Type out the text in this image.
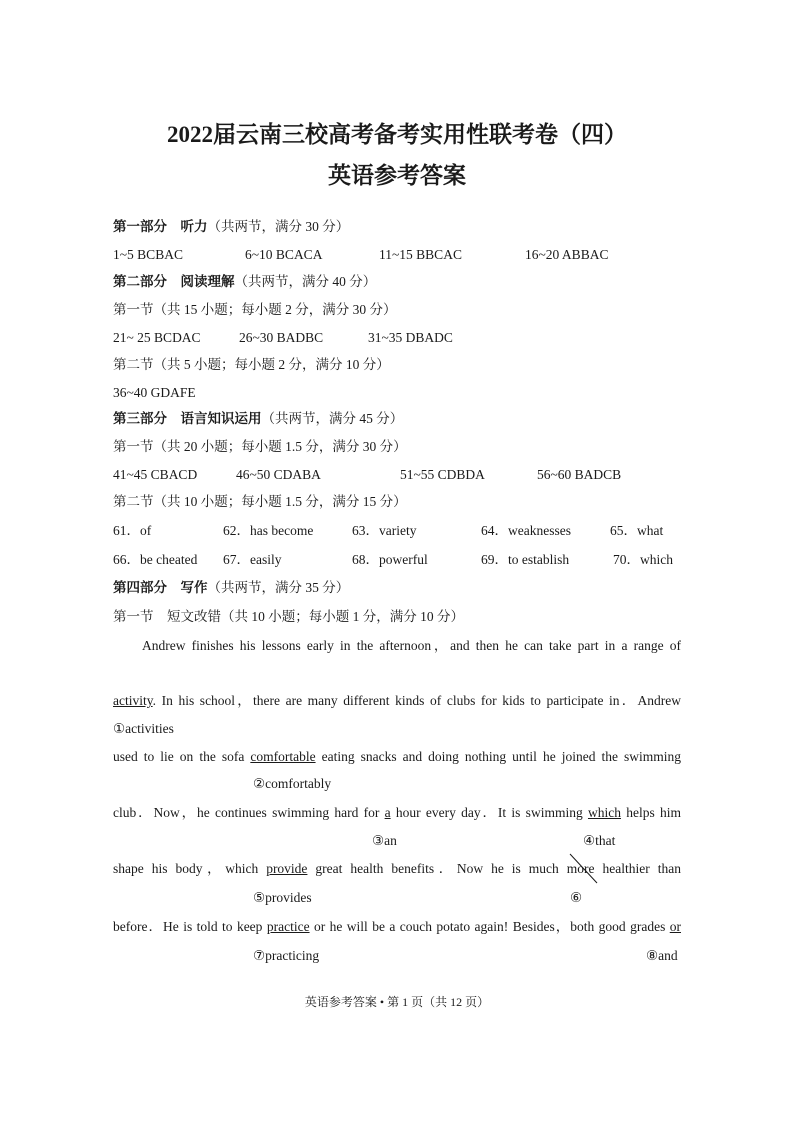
2022届云南三校高考备考实用性联考卷（四）
英语参考答案
第一部分　听力（共两节，满分 30 分）
1~5 BCBAC	6~10 BCACA	11~15 BBCAC	16~20 ABBAC
第二部分　阅读理解（共两节，满分 40 分）
第一节（共 15 小题；每小题 2 分，满分 30 分）
21~ 25 BCDAC	26~30 BADBC	31~35 DBADC
第二节（共 5 小题；每小题 2 分，满分 10 分）
36~40 GDAFE
第三部分　语言知识运用（共两节，满分 45 分）
第一节（共 20 小题；每小题 1.5 分，满分 30 分）
41~45 CBACD	46~50 CDABA	51~55 CDBDA	56~60 BADCB
第二节（共 10 小题；每小题 1.5 分，满分 15 分）
61．of	62．has become	63．variety	64．weaknesses	65．what
66．be cheated 67．easily	68．powerful	69．to establish	70．which
第四部分　写作（共两节，满分 35 分）
第一节　短文改错（共 10 小题；每小题 1 分，满分 10 分）
Andrew finishes his lessons early in the afternoon，and then he can take part in a range of
activity. In his school，there are many different kinds of clubs for kids to participate in．Andrew
①activities
used to lie on the sofa comfortable eating snacks and doing nothing until he joined the swimming
②comfortably
club．Now，he continues swimming hard for a hour every day．It is swimming which helps him
③an	④that
shape his body，which provide great health benefits．Now he is much more
healthier than
⑤provides	⑥
before．He is told to keep practice or he will be a couch potato again! Besides，both good grades or
⑦practicing	⑧and
英语参考答案 • 第 1 页（共 12 页）
